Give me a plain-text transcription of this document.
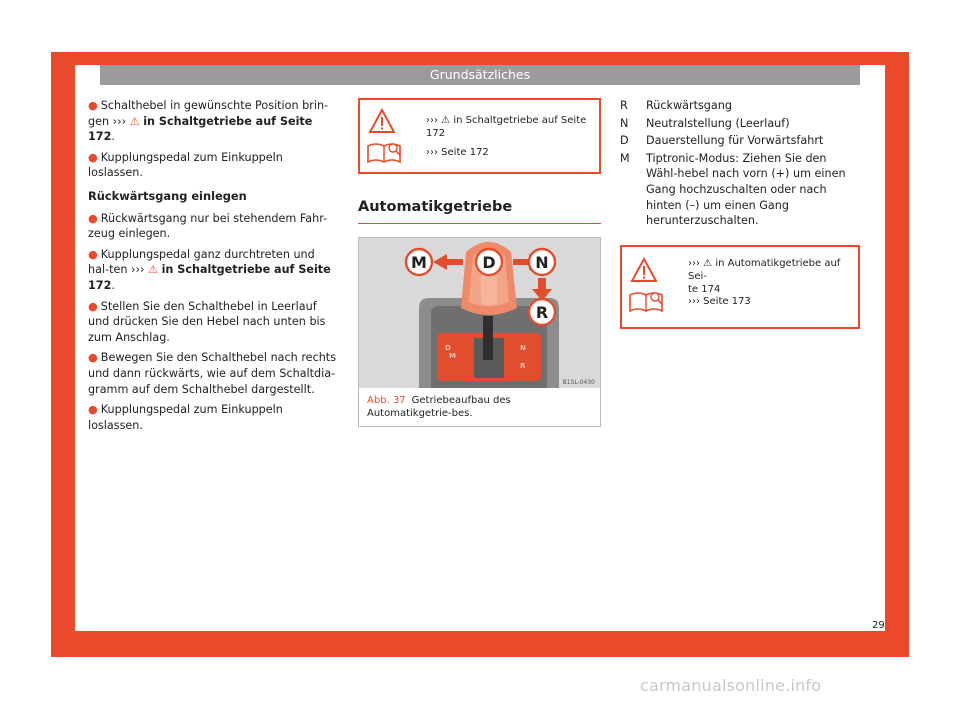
Grundsätzliches

● Schalthebel in gewünschte Position brin-gen ››› ⚠ in Schaltgetriebe auf Seite 172.

● Kupplungspedal zum Einkuppeln loslassen.

Rückwärtsgang einlegen

● Rückwärtsgang nur bei stehendem Fahr-zeug einlegen.

● Kupplungspedal ganz durchtreten und hal-ten ››› ⚠ in Schaltgetriebe auf Seite 172.

● Stellen Sie den Schalthebel in Leerlauf und drücken Sie den Hebel nach unten bis zum Anschlag.

● Bewegen Sie den Schalthebel nach rechts und dann rückwärts, wie auf dem Schaltdia-gramm auf dem Schalthebel dargestellt.

● Kupplungspedal zum Einkuppeln loslassen.

››› ⚠ in Schaltgetriebe auf Seite 172
››› Seite 172

Automatikgetriebe

M	D N
R
D
M
N
R
B1SL-0430
Abb. 37 Getriebeaufbau des Automatikgetrie-bes.
R Rückwärtsgang
N Neutralstellung (Leerlauf)
D Dauerstellung für Vorwärtsfahrt
M Tiptronic-Modus: Ziehen Sie den Wähl-hebel nach vorn (+) um einen Gang hochzuschalten oder nach hinten (–) um einen Gang herunterzuschalten.
››› ⚠ in Automatikgetriebe auf Sei-
te 174
››› Seite 173
29
carmanualsonline.info
